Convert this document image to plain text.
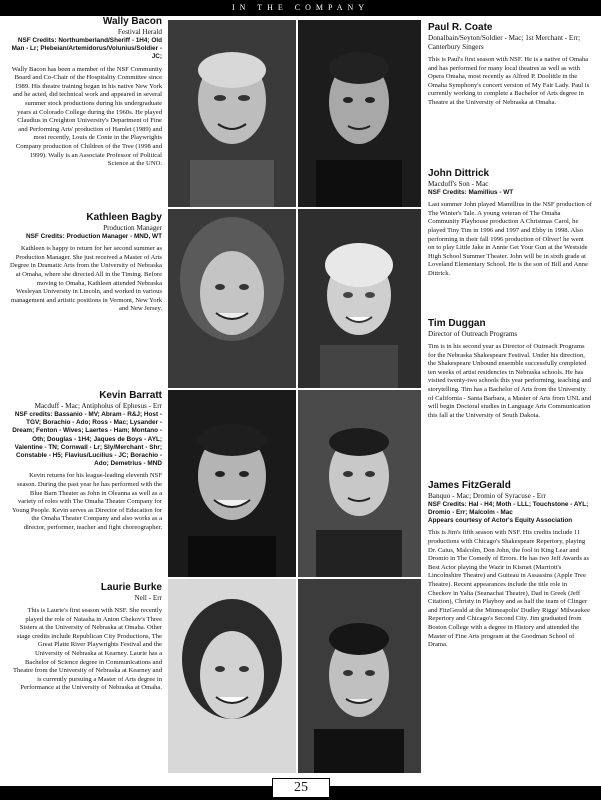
IN THE COMPANY
Wally Bacon
Festival Herald
NSF Credits: Northumberland/Sheriff - 1H4; Old Man - Lr; Plebeian/Artemidorus/Volunius/Soldier - JC;
Wally Bacon has been a member of the NSF Community Board and Co-Chair of the Hospitality Committee since 1989. His theatre training began in his native New York and he acted, did technical work and appeared in several summer stock productions during his undergraduate years at Colorado College during the 1960s. He played Claudius in Creighton University's Department of Fine and Performing Arts' production of Hamlet (1989) and most recently, Louis de Conte in the Playwrights Company production of Children of the Tree (1998 and 1999). Wally is an Associate Professor of Political Science at the UNO.
Kathleen Bagby
Production Manager
NSF Credits: Production Manager - MND, WT
Kathleen is happy to return for her second summer as Production Manager. She just received a Master of Arts Degree in Dramatic Arts from the University of Nebraska at Omaha, where she directed All in the Timing. Before moving to Omaha, Kathleen attended Nebraska Wesleyan University in Lincoln, and worked in various management and artistic positions in Vermont, New York and New Jersey.
Kevin Barratt
Macduff - Mac; Antipholus of Ephesus - Err
NSF credits: Bassanio - MV; Abram - R&J; Host - TGV; Borachio - Ado; Ross - Mac; Lysander - Dream; Fenton - Wives; Laertes - Ham; Montano - Oth; Douglas - 1H4; Jaques de Boys - AYL; Valentine - TN; Cornwall - Lr; Sly/Merchant - Shr; Constable - H5; Flavius/Lucilius - JC; Borachio - Ado; Demetrius - MND
Kevin returns for his league-leading eleventh NSF season. During the past year he has performed with the Blue Barn Theater as John in Oleanna as well as a variety of roles with The Omaha Theater Company for Young People. Kevin serves as Director of Education for the Omaha Theater Company and also works as a director, performer, teacher and fight choreographer.
Laurie Burke
Nell - Err
This is Laurie's first season with NSF. She recently played the role of Natasha in Anton Chekov's Three Sisters at the University of Nebraska at Omaha. Other stage credits include Republican City Productions, The Great Platte River Playwrights Festival and the University of Nebraska at Kearney. Laurie has a Bachelor of Science degree in Communications and Theatre from the University of Nebraska at Kearney and is currently pursuing a Master of Arts degree in Performance at the University of Nebraska at Omaha.
Paul R. Coate
Donalbain/Seyton/Soldier - Mac; 1st Merchant - Err; Canterbury Singers
This is Paul's first season with NSF. He is a native of Omaha and has performed for many local theatres as well as with Opera Omaha, most recently as Alfred P. Doolittle in the Omaha Symphony's concert version of My Fair Lady. Paul is currently working to complete a Bachelor of Arts degree in Theatre at the University of Nebraska at Omaha.
John Dittrick
Macduff's Son - Mac
NSF Credits: Mamillius - WT
Last summer John played Mamillius in the NSF production of The Winter's Tale. A young veteran of The Omaha Community Playhouse production A Christmas Carol, he played Tiny Tim in 1996 and 1997 and Ebby in 1998. Also performing in their fall 1996 production of Oliver! he went on to play Little Jake in Annie Get Your Gun at the Westside High School Summer Theater. John will be in sixth grade at Loveland Elementary School. He is the son of Bill and Anne Dittrick.
Tim Duggan
Director of Outreach Programs
Tim is in his second year as Director of Outreach Programs for the Nebraska Shakespeare Festival. Under his direction, the Shakespeare Unbound ensemble successfully completed ten weeks of artist residencies in Nebraska schools. He has visited twenty-two schools this year performing, teaching and storytelling. Tim has a Bachelor of Arts from the University of California - Santa Barbara, a Master of Arts from UNL and will begin Doctoral studies in Language Arts Communication this fall at the University of South Dakota.
James FitzGerald
Banquo - Mac; Dromio of Syracuse - Err
NSF Credits: Hal - H4; Moth - LLL; Touchstone - AYL; Dromio - Err; Malcolm - Mac
Appears courtesy of Actor's Equity Association
This is Jim's fifth season with NSF. His credits include 11 productions with Chicago's Shakespeare Repertory, playing Dr. Caius, Malcolm, Don John, the fool in King Lear and Dromio in The Comedy of Errors. He has two Jeff Awards as Best Actor playing the Wazir in Kismet (Marriott's Lincolnshire Theatre) and Guiteau in Assassins (Apple Tree Theatre). Recent appearances include the title role in Checkov in Yalta (Seanachai Theatre), Dad in Greek (Jeff Citation), Christy in Playboy and as half the team of Clinger and FitzGerald at the Minneapolis' Dudley Riggs' Milwaukee Repertory and Chicago's Second City. Jim graduated from Boston College with a degree in History and attended the Master of Fine Arts program at the Goodman School of Drama.
25
